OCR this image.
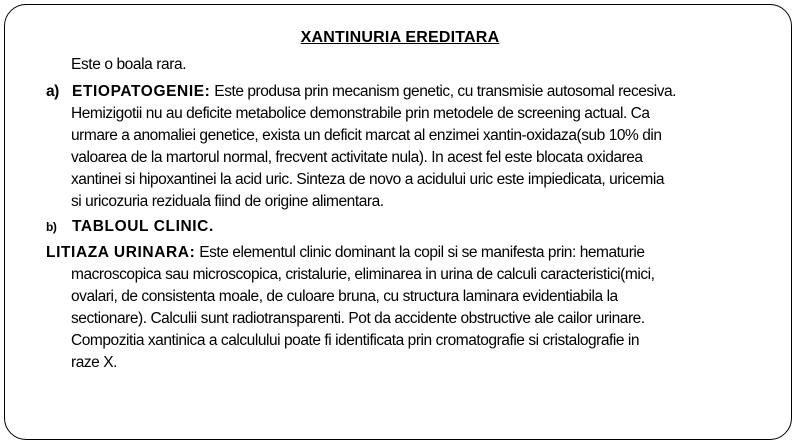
XANTINURIA EREDITARA
Este o boala rara.
a) ETIOPATOGENIE: Este produsa prin mecanism genetic, cu transmisie autosomal recesiva.
Hemizigotii nu au deficite metabolice demonstrabile prin metodele de screening actual. Ca
urmare a anomaliei genetice, exista un deficit marcat al enzimei xantin-oxidaza(sub 10% din
valoarea de la martorul normal, frecvent activitate nula). In acest fel este blocata oxidarea
xantinei si hipoxantinei la acid uric. Sinteza de novo a acidului uric este impiedicata, uricemia
si uricozuria reziduala fiind de origine alimentara.
b) TABLOUL CLINIC.
LITIAZA URINARA: Este elementul clinic dominant la copil si se manifesta prin: hematurie
macroscopica sau microscopica, cristalurie, eliminarea in urina de calculi caracteristici(mici,
ovalari, de consistenta moale, de culoare bruna, cu structura laminara evidentiabila la
sectionare). Calculii sunt radiotransparenti. Pot da accidente obstructive ale cailor urinare.
Compozitia xantinica a calculului poate fi identificata prin cromatografie si cristalografie in
raze X.
